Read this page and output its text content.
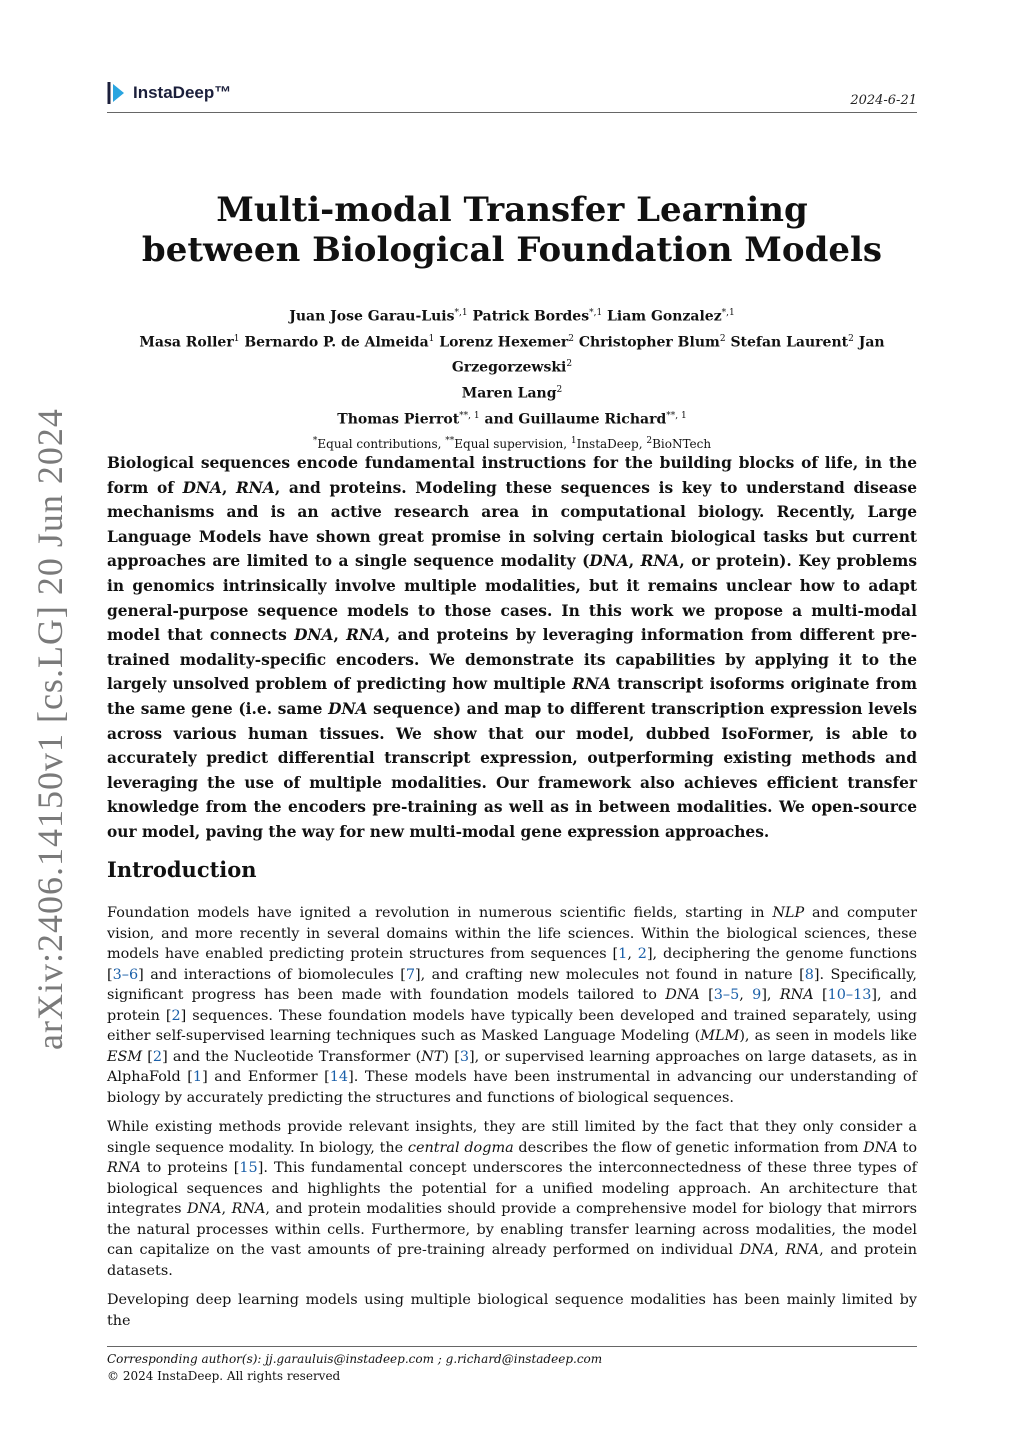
InstaDeep™	2024-6-21
arXiv:2406.14150v1 [cs.LG] 20 Jun 2024
Multi-modal Transfer Learning
between Biological Foundation Models
Juan Jose Garau-Luis$^{*,1}$ Patrick Bordes$^{*,1}$ Liam Gonzalez$^{*,1}$
Masa Roller$^1$ Bernardo P. de Almeida$^1$ Lorenz Hexemer$^2$ Christopher Blum$^2$ Stefan Laurent$^2$ Jan Grzegorzewski$^2$
Maren Lang$^2$
Thomas Pierrot$^{**, 1}$ and Guillaume Richard$^{**, 1}$
*Equal contributions, **Equal supervision, $^1$InstaDeep, $^2$BioNTech
Biological sequences encode fundamental instructions for the building blocks of life, in the form of DNA, RNA, and proteins. Modeling these sequences is key to understand disease mechanisms and is an active research area in computational biology. Recently, Large Language Models have shown great promise in solving certain biological tasks but current approaches are limited to a single sequence modality (DNA, RNA, or protein). Key problems in genomics intrinsically involve multiple modalities, but it remains unclear how to adapt general-purpose sequence models to those cases. In this work we propose a multi-modal model that connects DNA, RNA, and proteins by leveraging information from different pre-trained modality-specific encoders. We demonstrate its capabilities by applying it to the largely unsolved problem of predicting how multiple RNA transcript isoforms originate from the same gene (i.e. same DNA sequence) and map to different transcription expression levels across various human tissues. We show that our model, dubbed IsoFormer, is able to accurately predict differential transcript expression, outperforming existing methods and leveraging the use of multiple modalities. Our framework also achieves efficient transfer knowledge from the encoders pre-training as well as in between modalities. We open-source our model, paving the way for new multi-modal gene expression approaches.
Introduction

Foundation models have ignited a revolution in numerous scientific fields, starting in NLP and computer vision, and more recently in several domains within the life sciences. Within the biological sciences, these models have enabled predicting protein structures from sequences [1, 2], deciphering the genome functions [3–6] and interactions of biomolecules [7], and crafting new molecules not found in nature [8]. Specifically, significant progress has been made with foundation models tailored to DNA [3–5, 9], RNA [10–13], and protein [2] sequences. These foundation models have typically been developed and trained separately, using either self-supervised learning techniques such as Masked Language Modeling (MLM), as seen in models like ESM [2] and the Nucleotide Transformer (NT) [3], or supervised learning approaches on large datasets, as in AlphaFold [1] and Enformer [14]. These models have been instrumental in advancing our understanding of biology by accurately predicting the structures and functions of biological sequences.

While existing methods provide relevant insights, they are still limited by the fact that they only consider a single sequence modality. In biology, the central dogma describes the flow of genetic information from DNA to RNA to proteins [15]. This fundamental concept underscores the interconnectedness of these three types of biological sequences and highlights the potential for a unified modeling approach. An architecture that integrates DNA, RNA, and protein modalities should provide a comprehensive model for biology that mirrors the natural processes within cells. Furthermore, by enabling transfer learning across modalities, the model can capitalize on the vast amounts of pre-training already performed on individual DNA, RNA, and protein datasets.

Developing deep learning models using multiple biological sequence modalities has been mainly limited by the

Corresponding author(s): jj.garauluis@instadeep.com ; g.richard@instadeep.com
© 2024 InstaDeep. All rights reserved
